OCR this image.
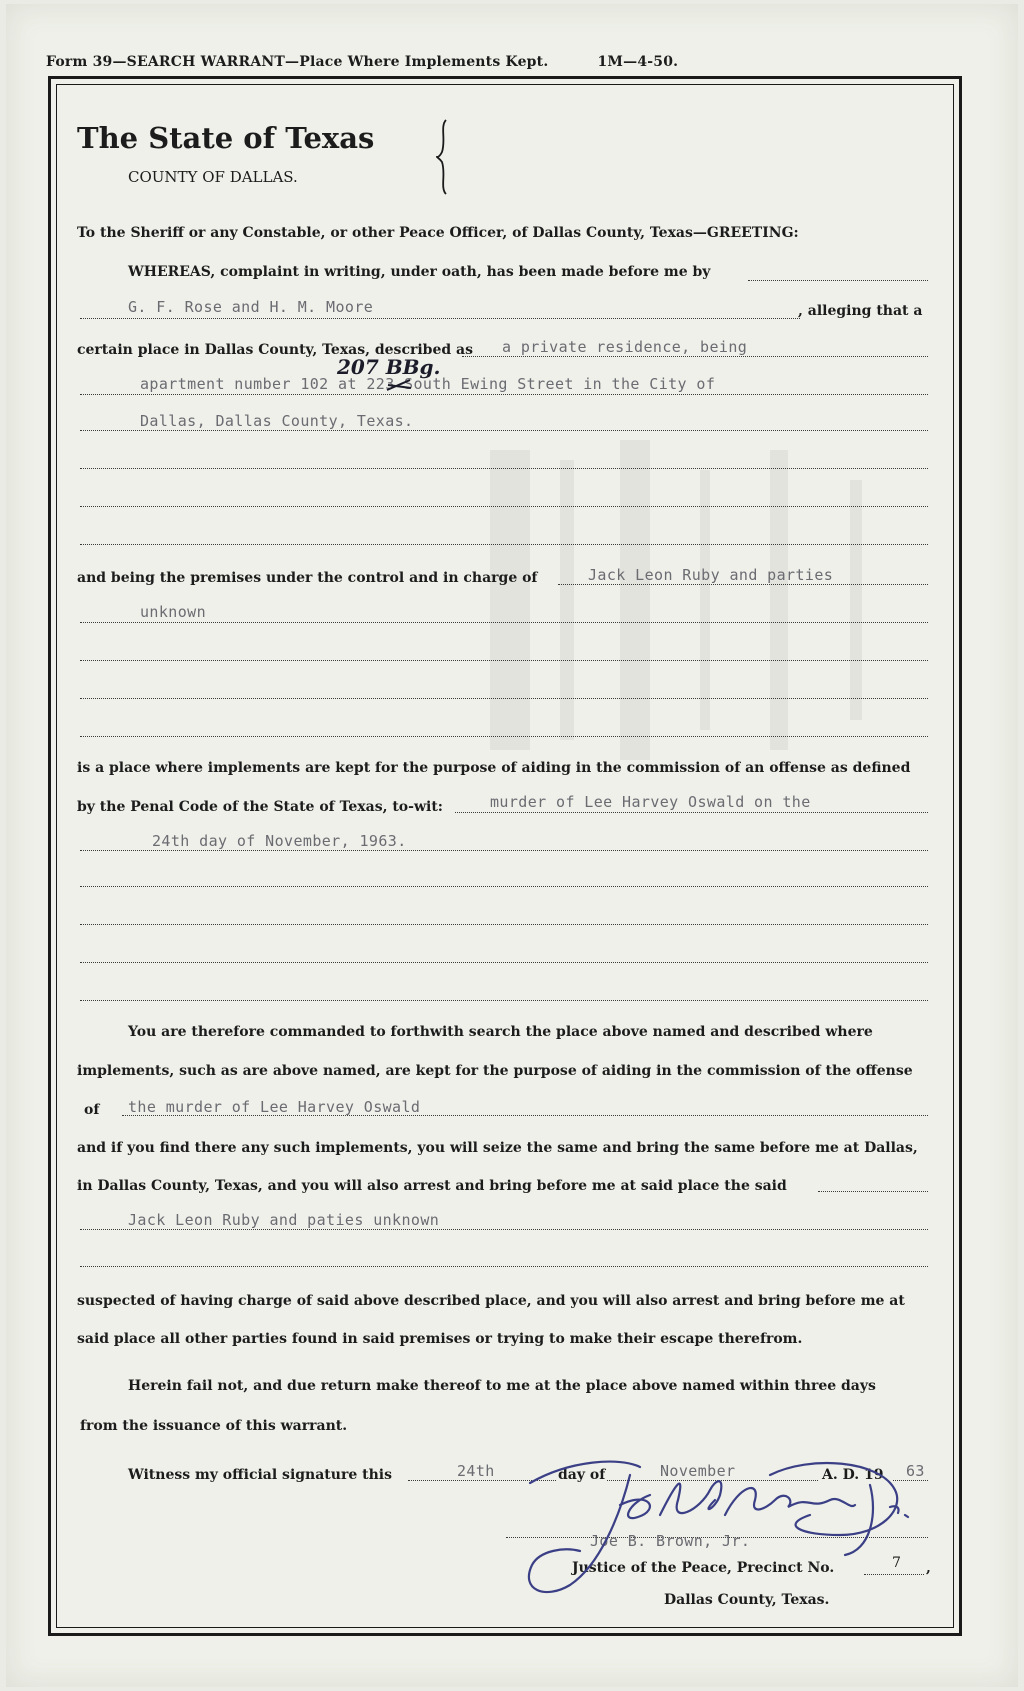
Form 39—SEARCH WARRANT—Place Where Implements Kept.	1M—4-50.
The State of Texas
COUNTY OF DALLAS.
To the Sheriff or any Constable, or other Peace Officer, of Dallas County, Texas—GREETING:
WHEREAS, complaint in writing, under oath, has been made before me by
G. F. Rose and H. M. Moore	, alleging that a
certain place in Dallas County, Texas, described as a private residence, being
apartment number 102 at 223 South Ewing Street in the City of
207 BBg.
Dallas, Dallas County, Texas.
and being the premises under the control and in charge of	Jack Leon Ruby and parties
unknown
is a place where implements are kept for the purpose of aiding in the commission of an offense as defined
by the Penal Code of the State of Texas, to-wit:	murder of Lee Harvey Oswald on the
24th day of November, 1963.
You are therefore commanded to forthwith search the place above named and described where
implements, such as are above named, are kept for the purpose of aiding in the commission of the offense
of the murder of Lee Harvey Oswald
and if you find there any such implements, you will seize the same and bring the same before me at Dallas,
in Dallas County, Texas, and you will also arrest and bring before me at said place the said
Jack Leon Ruby and paties unknown
suspected of having charge of said above described place, and you will also arrest and bring before me at
said place all other parties found in said premises or trying to make their escape therefrom.
Herein fail not, and due return make thereof to me at the place above named within three days
from the issuance of this warrant.
Witness my official signature this	24th	day of	November	A. D. 19 63
Joe B. Brown, Jr.
Justice of the Peace, Precinct No.	7 ,
Dallas County, Texas.
